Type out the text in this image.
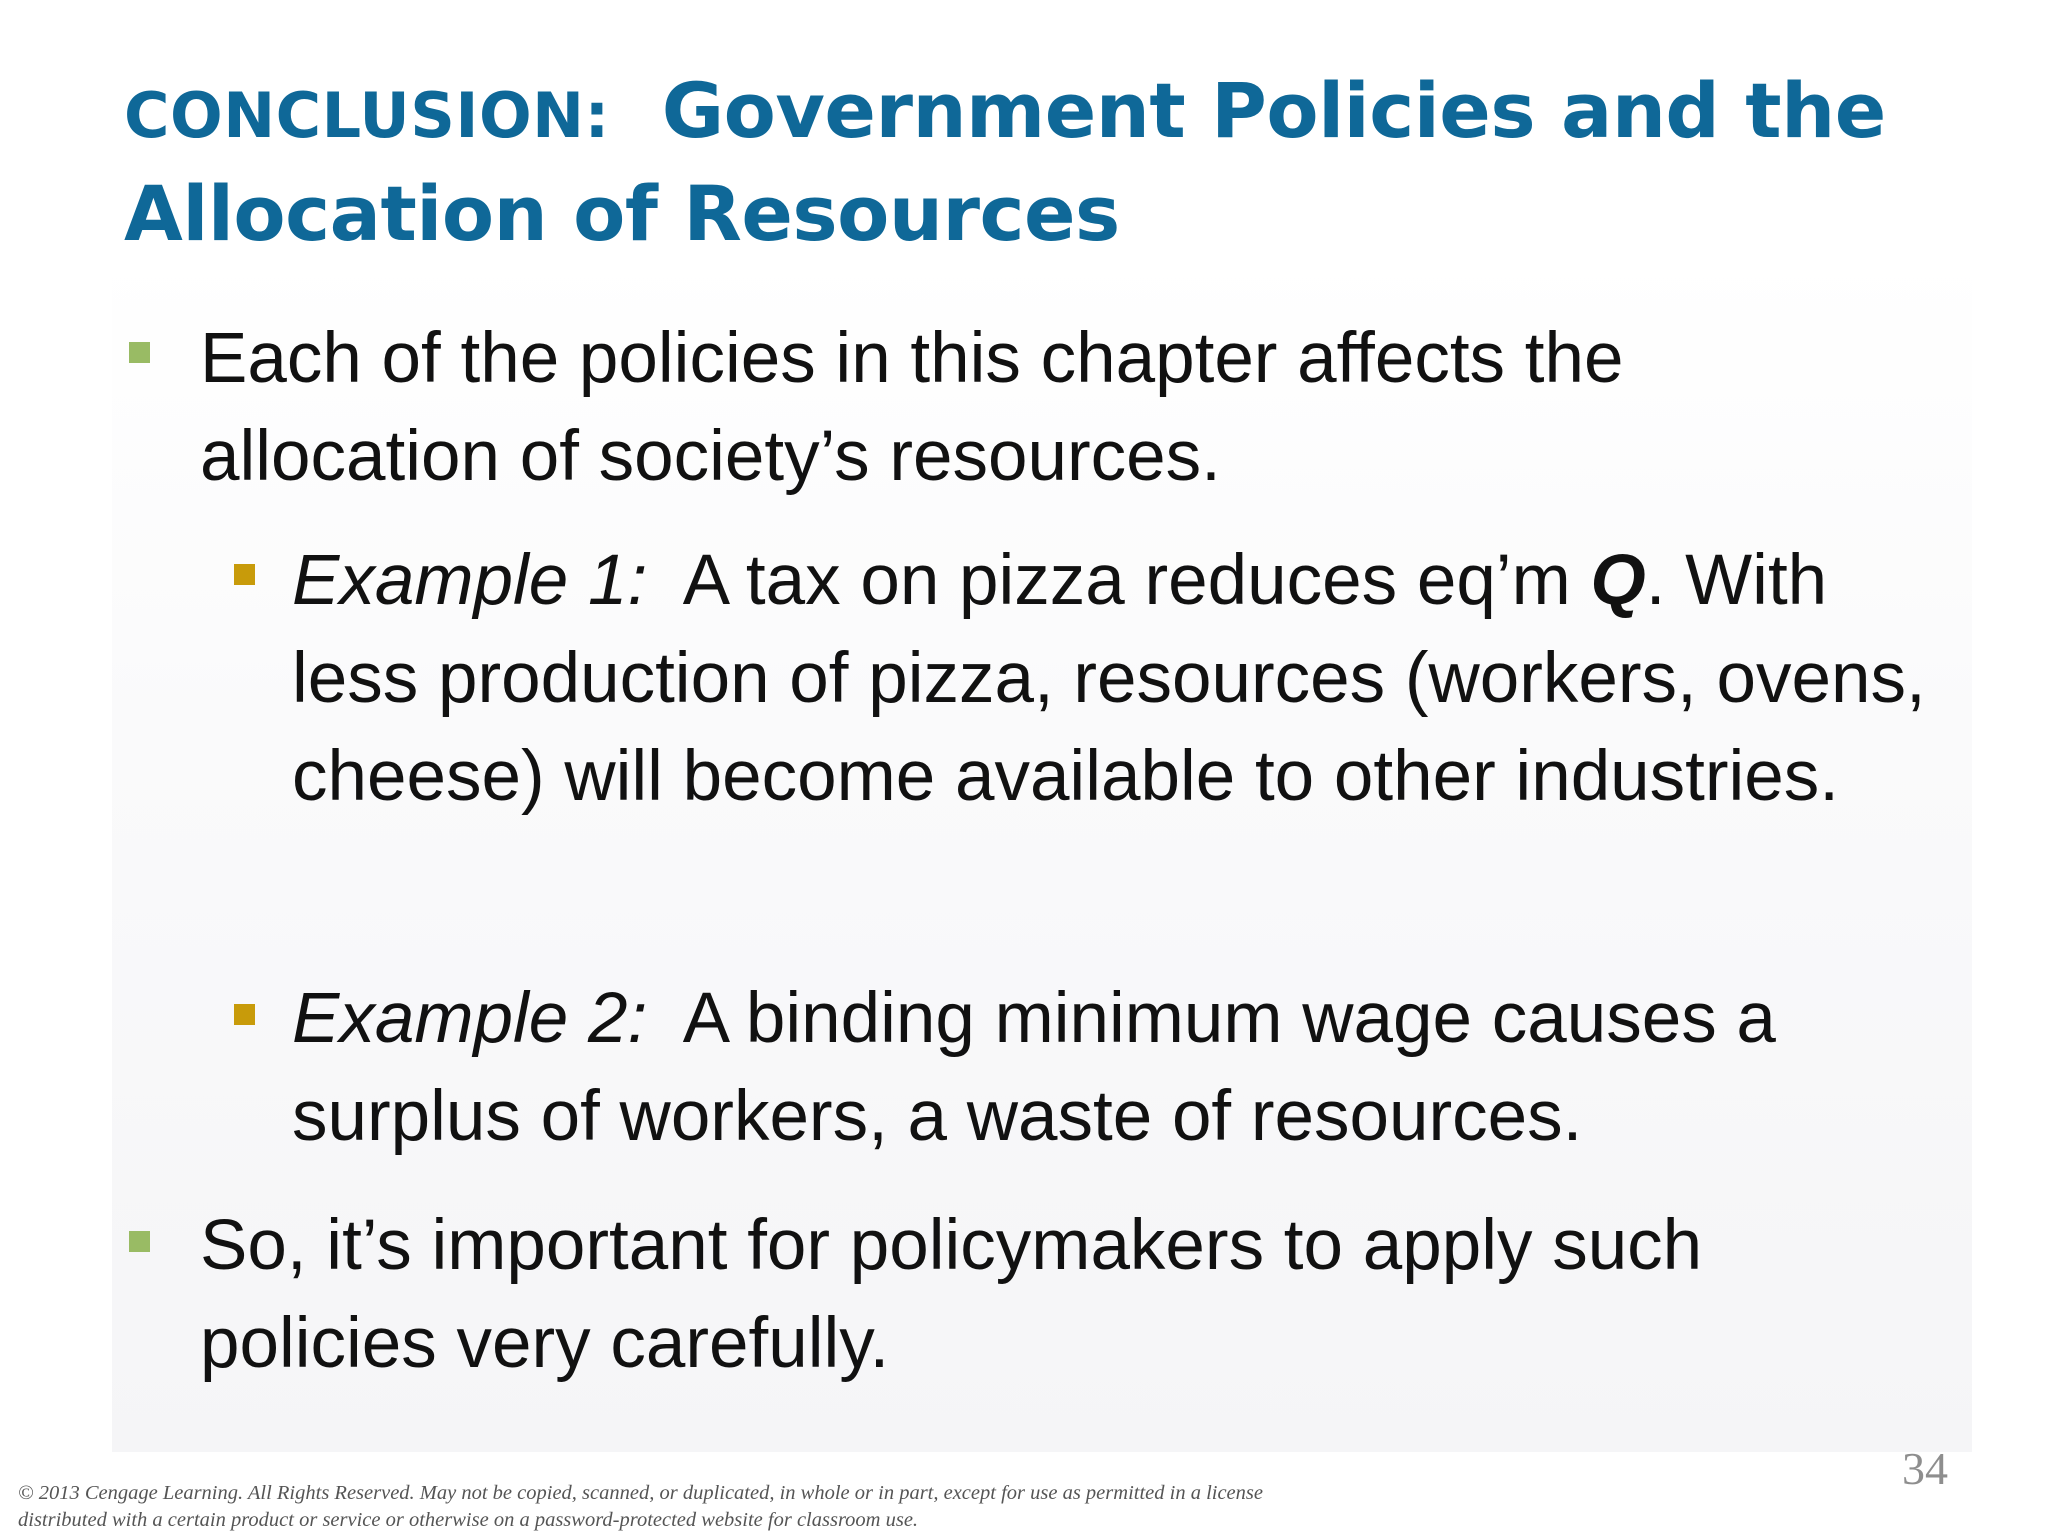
CONCLUSION: Government Policies and the Allocation of Resources
Each of the policies in this chapter affects the allocation of society’s resources.
Example 1: A tax on pizza reduces eq’m Q. With less production of pizza, resources (workers, ovens, cheese) will become available to other industries.
Example 2: A binding minimum wage causes a surplus of workers, a waste of resources.
So, it’s important for policymakers to apply such policies very carefully.
34
© 2013 Cengage Learning. All Rights Reserved. May not be copied, scanned, or duplicated, in whole or in part, except for use as permitted in a license distributed with a certain product or service or otherwise on a password-protected website for classroom use.
